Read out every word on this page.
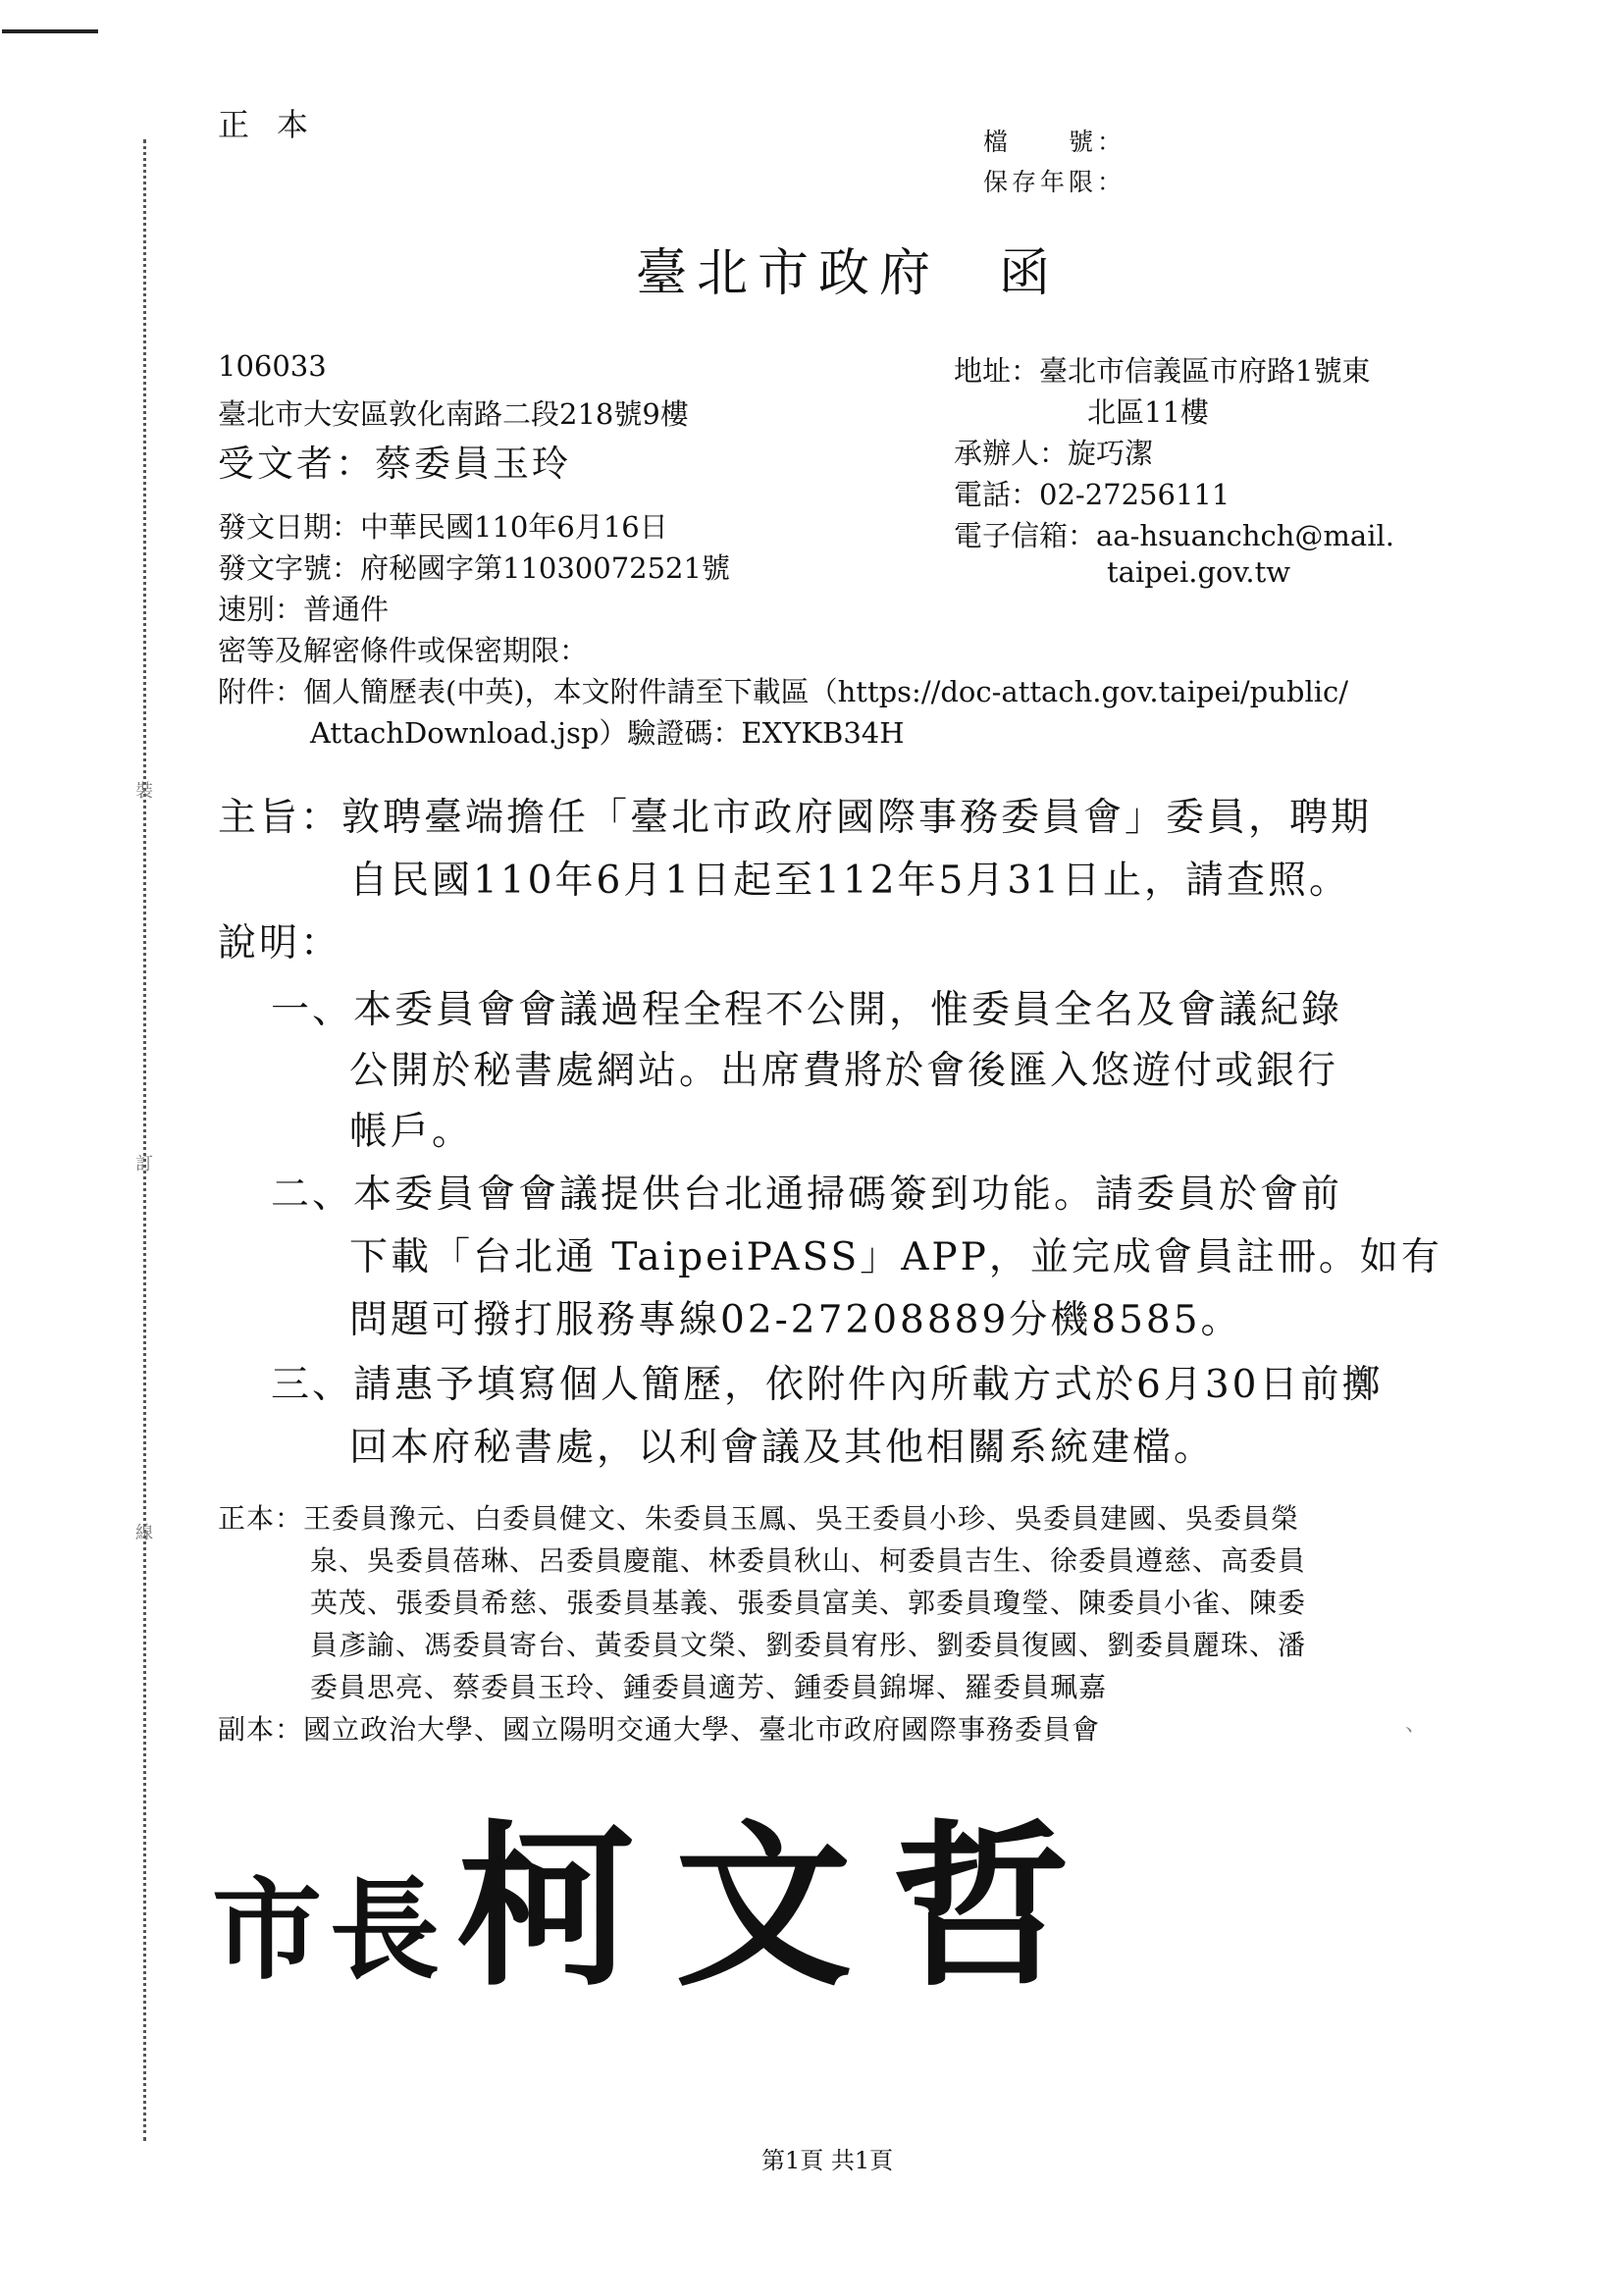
裝
訂
線
正本	檔　　號：
保存年限：
臺北市政府 函
106033
臺北市大安區敦化南路二段218號9樓
受文者：蔡委員玉玲
發文日期：中華民國110年6月16日
發文字號：府秘國字第11030072521號
速別：普通件
密等及解密條件或保密期限：
附件：個人簡歷表(中英)，本文附件請至下載區（https://doc-attach.gov.taipei/public/
AttachDownload.jsp）驗證碼：EXYKB34H
地址：臺北市信義區市府路1號東
北區11樓
承辦人：旋巧潔
電話：02-27256111
電子信箱：aa-hsuanchch@mail.
taipei.gov.tw
主旨：敦聘臺端擔任「臺北市政府國際事務委員會」委員，聘期
自民國110年6月1日起至112年5月31日止，請查照。
說明：
一、本委員會會議過程全程不公開，惟委員全名及會議紀錄
公開於秘書處網站。出席費將於會後匯入悠遊付或銀行
帳戶。
二、本委員會會議提供台北通掃碼簽到功能。請委員於會前
下載「台北通 TaipeiPASS」APP，並完成會員註冊。如有
問題可撥打服務專線02-27208889分機8585。
三、請惠予填寫個人簡歷，依附件內所載方式於6月30日前擲
回本府秘書處，以利會議及其他相關系統建檔。
正本：王委員豫元、白委員健文、朱委員玉鳳、吳王委員小珍、吳委員建國、吳委員榮
泉、吳委員蓓琳、呂委員慶龍、林委員秋山、柯委員吉生、徐委員遵慈、高委員
英茂、張委員希慈、張委員基義、張委員富美、郭委員瓊瑩、陳委員小雀、陳委
員彥諭、馮委員寄台、黃委員文榮、劉委員宥彤、劉委員復國、劉委員麗珠、潘
委員思亮、蔡委員玉玲、鍾委員適芳、鍾委員錦墀、羅委員珮嘉
副本：國立政治大學、國立陽明交通大學、臺北市政府國際事務委員會	、
市長柯文哲
第1頁 共1頁
